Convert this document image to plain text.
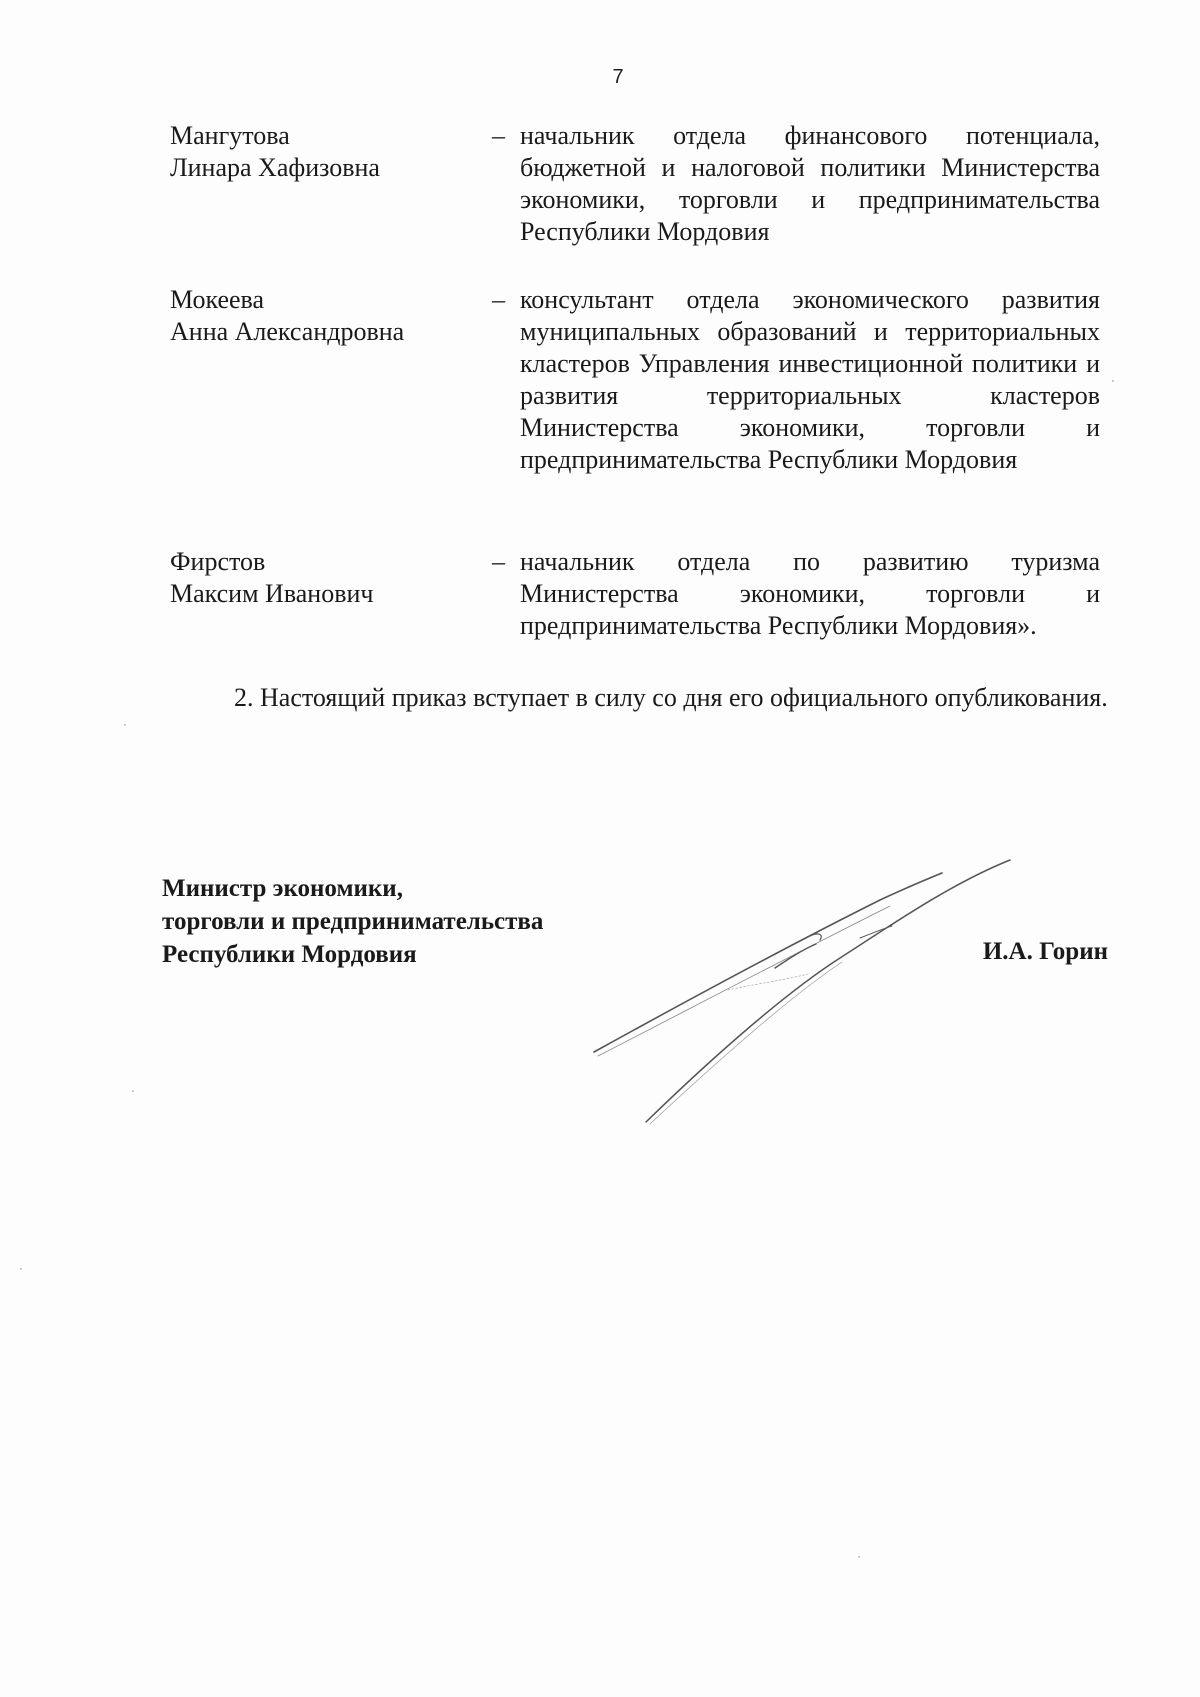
7
Мангутова
Линара Хафизовна
– начальник отдела финансового потенциала, бюджетной и налоговой политики Министерства экономики, торговли и предпринимательства Республики Мордовия
Мокеева
Анна Александровна
– консультант отдела экономического развития муниципальных образований и территориальных кластеров Управления инвестиционной политики и развития территориальных кластеров Министерства экономики, торговли и предпринимательства Республики Мордовия
Фирстов
Максим Иванович
– начальник отдела по развитию туризма Министерства экономики, торговли и предпринимательства Республики Мордовия».
2. Настоящий приказ вступает в силу со дня его официального опубликования.
Министр экономики,
торговли и предпринимательства
Республики Мордовия	И.А. Горин
